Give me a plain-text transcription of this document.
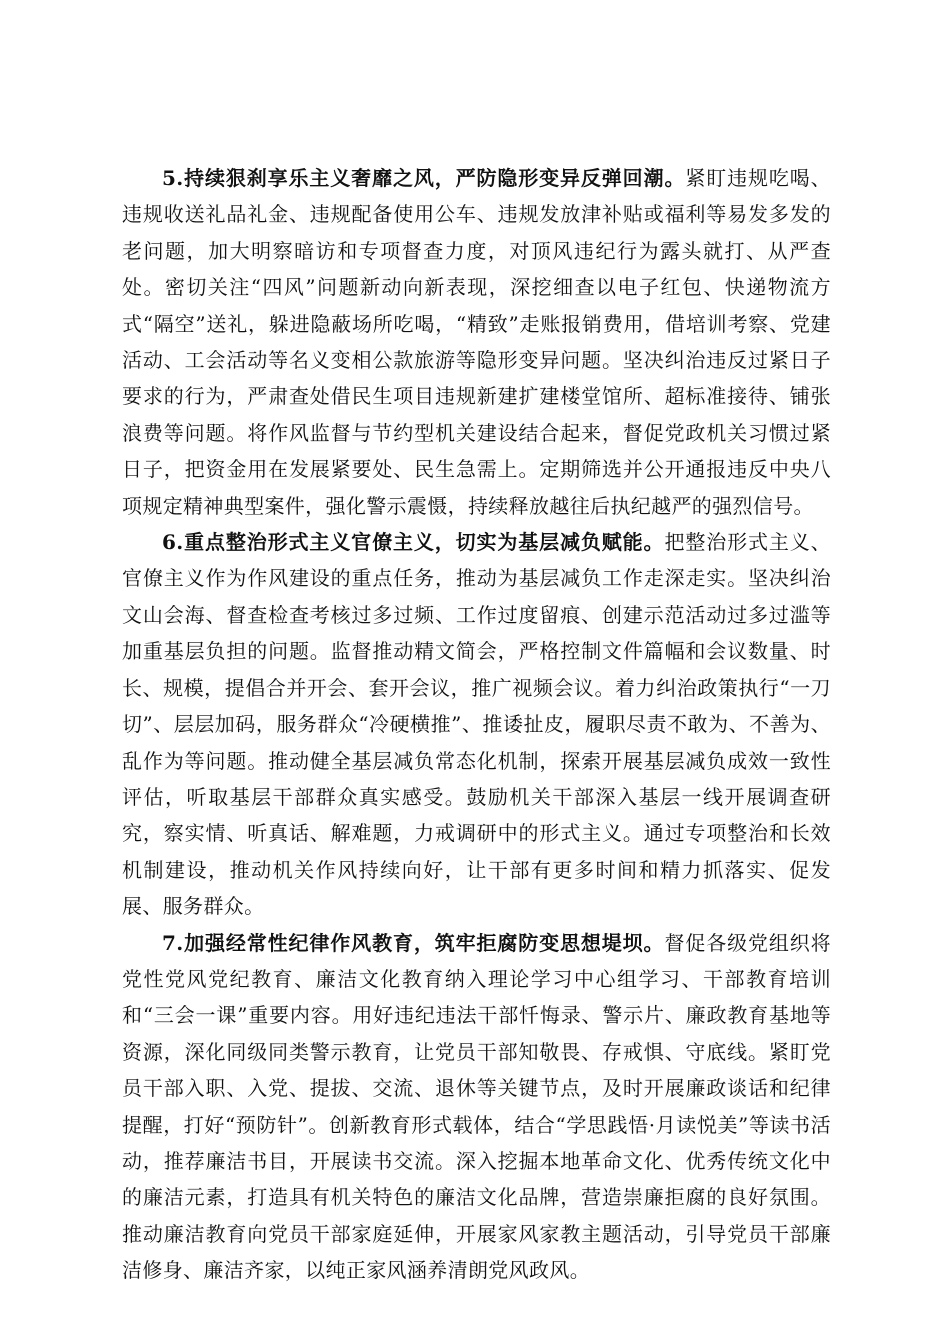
5.持续狠刹享乐主义奢靡之风，严防隐形变异反弹回潮。紧盯违规吃喝、违规收送礼品礼金、违规配备使用公车、违规发放津补贴或福利等易发多发的老问题，加大明察暗访和专项督查力度，对顶风违纪行为露头就打、从严查处。密切关注“四风”问题新动向新表现，深挖细查以电子红包、快递物流方式“隔空”送礼，躲进隐蔽场所吃喝，“精致”走账报销费用，借培训考察、党建活动、工会活动等名义变相公款旅游等隐形变异问题。坚决纠治违反过紧日子要求的行为，严肃查处借民生项目违规新建扩建楼堂馆所、超标准接待、铺张浪费等问题。将作风监督与节约型机关建设结合起来，督促党政机关习惯过紧日子，把资金用在发展紧要处、民生急需上。定期筛选并公开通报违反中央八项规定精神典型案件，强化警示震慑，持续释放越往后执纪越严的强烈信号。

6.重点整治形式主义官僚主义，切实为基层减负赋能。把整治形式主义、官僚主义作为作风建设的重点任务，推动为基层减负工作走深走实。坚决纠治文山会海、督查检查考核过多过频、工作过度留痕、创建示范活动过多过滥等加重基层负担的问题。监督推动精文简会，严格控制文件篇幅和会议数量、时长、规模，提倡合并开会、套开会议，推广视频会议。着力纠治政策执行“一刀切”、层层加码，服务群众“冷硬横推”、推诿扯皮，履职尽责不敢为、不善为、乱作为等问题。推动健全基层减负常态化机制，探索开展基层减负成效一致性评估，听取基层干部群众真实感受。鼓励机关干部深入基层一线开展调查研究，察实情、听真话、解难题，力戒调研中的形式主义。通过专项整治和长效机制建设，推动机关作风持续向好，让干部有更多时间和精力抓落实、促发展、服务群众。

7.加强经常性纪律作风教育，筑牢拒腐防变思想堤坝。督促各级党组织将党性党风党纪教育、廉洁文化教育纳入理论学习中心组学习、干部教育培训和“三会一课”重要内容。用好违纪违法干部忏悔录、警示片、廉政教育基地等资源，深化同级同类警示教育，让党员干部知敬畏、存戒惧、守底线。紧盯党员干部入职、入党、提拔、交流、退休等关键节点，及时开展廉政谈话和纪律提醒，打好“预防针”。创新教育形式载体，结合“学思践悟·月读悦美”等读书活动，推荐廉洁书目，开展读书交流。深入挖掘本地革命文化、优秀传统文化中的廉洁元素，打造具有机关特色的廉洁文化品牌，营造崇廉拒腐的良好氛围。推动廉洁教育向党员干部家庭延伸，开展家风家教主题活动，引导党员干部廉洁修身、廉洁齐家，以纯正家风涵养清朗党风政风。
